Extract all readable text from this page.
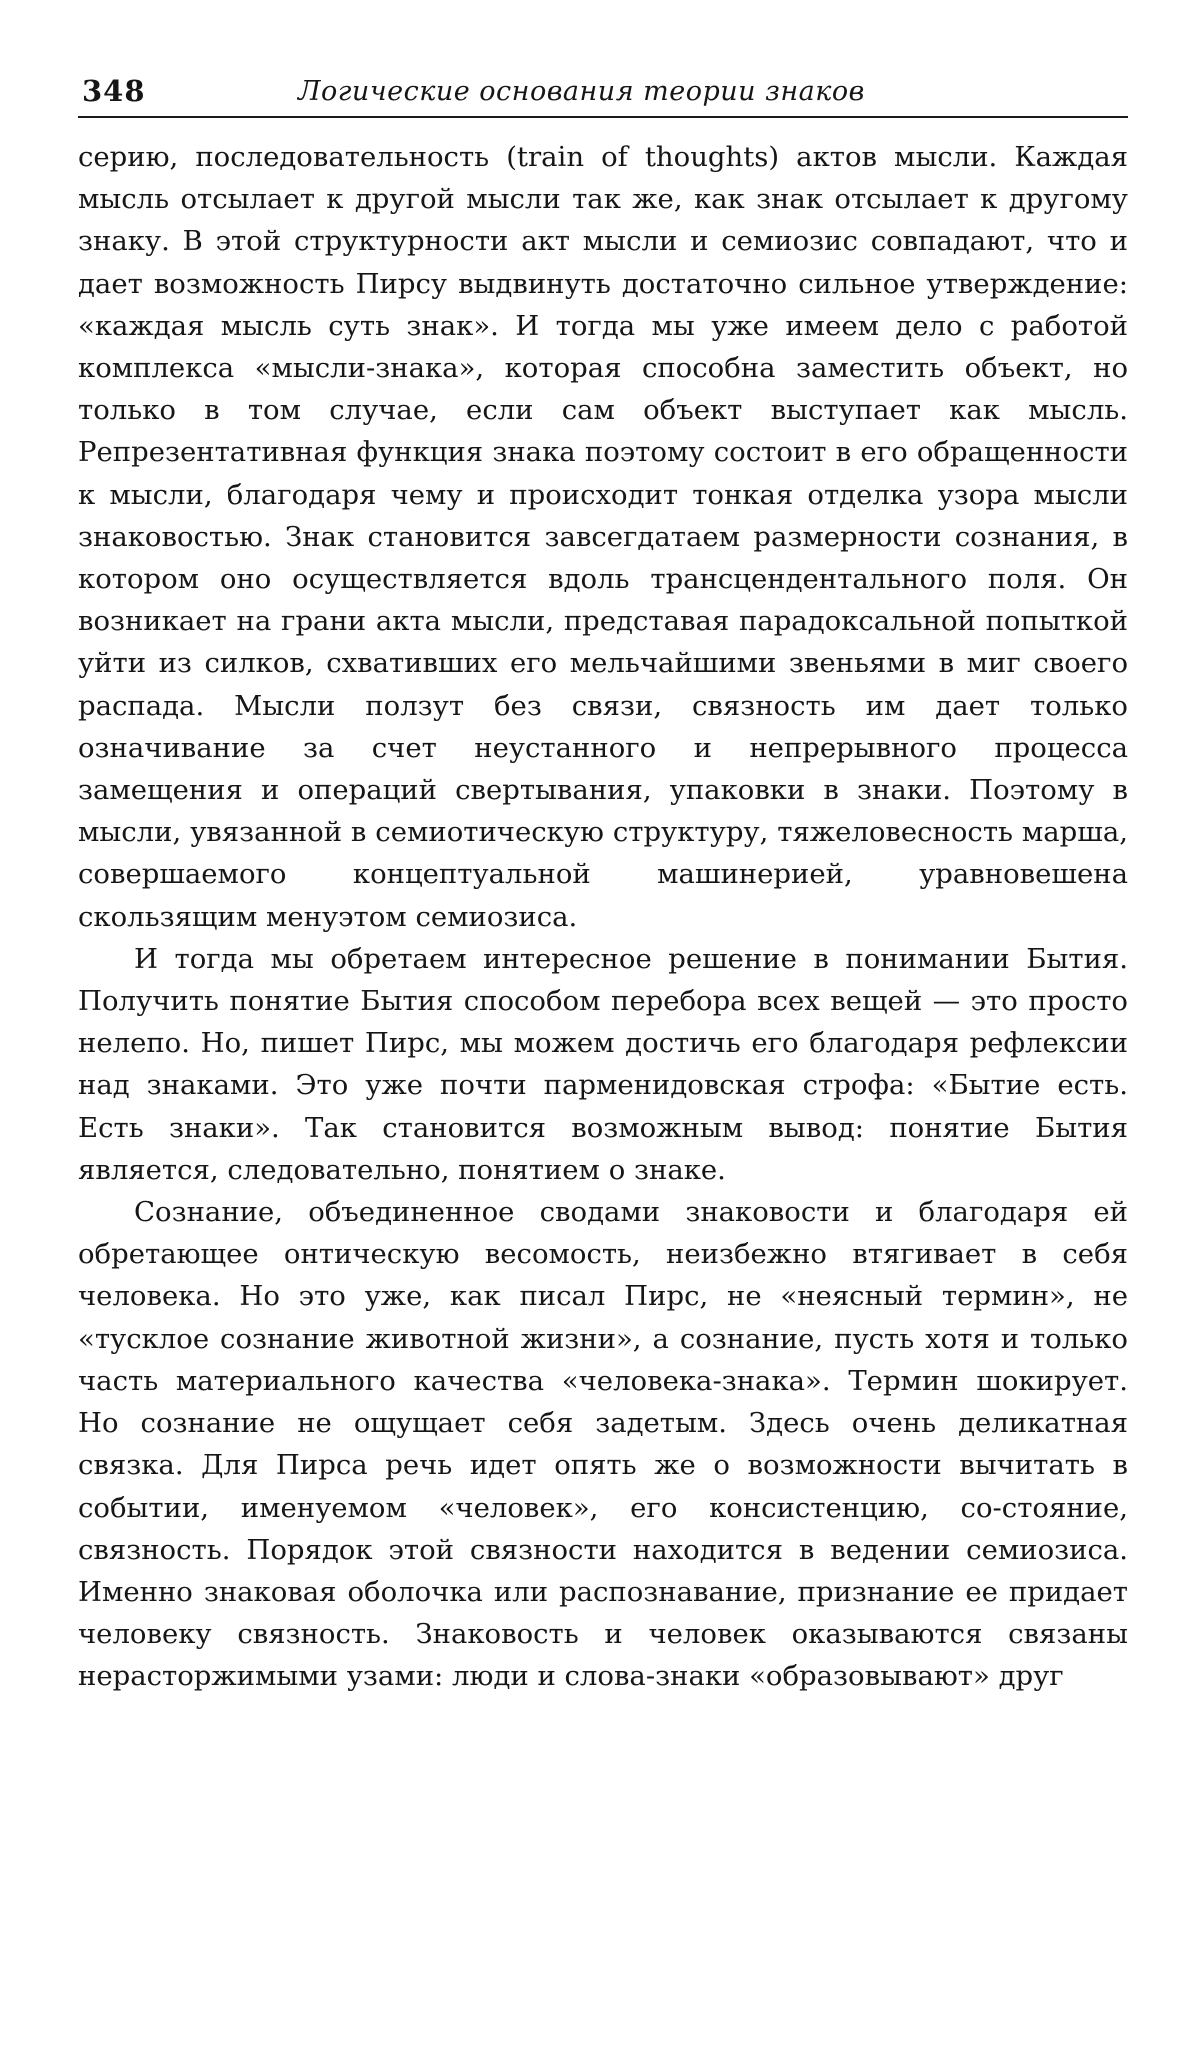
348	Логические основания теории знаков

серию, последовательность (train of thoughts) актов мысли. Каждая мысль отсылает к другой мысли так же, как знак отсылает к другому знаку. В этой структурности акт мысли и семиозис совпадают, что и дает возможность Пирсу выдвинуть достаточно сильное утверждение: «каждая мысль суть знак». И тогда мы уже имеем дело с работой комплекса «мысли-знака», которая способна заместить объект, но только в том случае, если сам объект выступает как мысль. Репрезентативная функция знака поэтому состоит в его обращенности к мысли, благодаря чему и происходит тонкая отделка узора мысли знаковостью. Знак становится завсегдатаем размерности сознания, в котором оно осуществляется вдоль трансцендентального поля. Он возникает на грани акта мысли, представая парадоксальной попыткой уйти из силков, схвативших его мельчайшими звеньями в миг своего распада. Мысли ползут без связи, связность им дает только означивание за счет неустанного и непрерывного процесса замещения и операций свертывания, упаковки в знаки. Поэтому в мысли, увязанной в семиотическую структуру, тяжеловесность марша, совершаемого концептуальной машинерией, уравновешена скользящим менуэтом семиозиса.

И тогда мы обретаем интересное решение в понимании Бытия. Получить понятие Бытия способом перебора всех вещей — это просто нелепо. Но, пишет Пирс, мы можем достичь его благодаря рефлексии над знаками. Это уже почти парменидовская строфа: «Бытие есть. Есть знаки». Так становится возможным вывод: понятие Бытия является, следовательно, понятием о знаке.

Сознание, объединенное сводами знаковости и благодаря ей обретающее онтическую весомость, неизбежно втягивает в себя человека. Но это уже, как писал Пирс, не «неясный термин», не «тусклое сознание животной жизни», а сознание, пусть хотя и только часть материального качества «человека-знака». Термин шокирует. Но сознание не ощущает себя задетым. Здесь очень деликатная связка. Для Пирса речь идет опять же о возможности вычитать в событии, именуемом «человек», его консистенцию, со-стояние, связность. Порядок этой связности находится в ведении семиозиса. Именно знаковая оболочка или распознавание, признание ее придает человеку связность. Знаковость и человек оказываются связаны нерасторжимыми узами: люди и слова-знаки «образовывают» друг
